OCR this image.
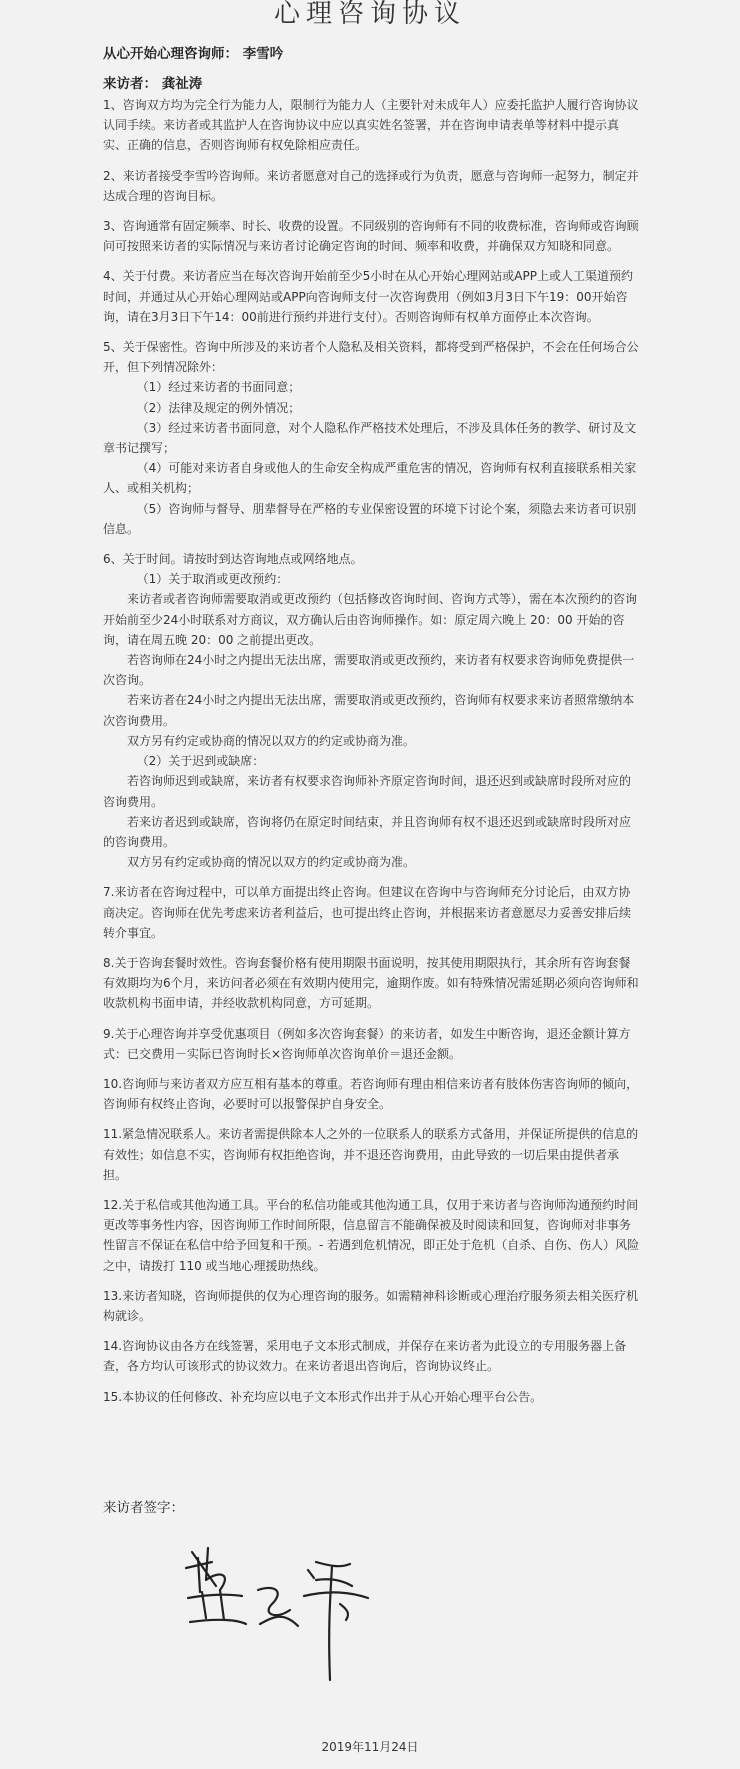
心理咨询协议
从心开始心理咨询师： 李雪吟
来访者： 龚祉涛

1、咨询双方均为完全行为能力人，限制行为能力人（主要针对未成年人）应委托监护人履行咨询协议认同手续。来访者或其监护人在咨询协议中应以真实姓名签署，并在咨询申请表单等材料中提示真实、正确的信息，否则咨询师有权免除相应责任。

2、来访者接受李雪吟咨询师。来访者愿意对自己的选择或行为负责，愿意与咨询师一起努力，制定并达成合理的咨询目标。

3、咨询通常有固定频率、时长、收费的设置。不同级别的咨询师有不同的收费标准，咨询师或咨询顾问可按照来访者的实际情况与来访者讨论确定咨询的时间、频率和收费，并确保双方知晓和同意。

4、关于付费。来访者应当在每次咨询开始前至少5小时在从心开始心理网站或APP上或人工渠道预约时间，并通过从心开始心理网站或APP向咨询师支付一次咨询费用（例如3月3日下午19：00开始咨询，请在3月3日下午14：00前进行预约并进行支付）。否则咨询师有权单方面停止本次咨询。

5、关于保密性。咨询中所涉及的来访者个人隐私及相关资料，都将受到严格保护，不会在任何场合公开，但下列情况除外：

（1）经过来访者的书面同意；

（2）法律及规定的例外情况；

（3）经过来访者书面同意，对个人隐私作严格技术处理后，不涉及具体任务的教学、研讨及文章书记撰写；

（4）可能对来访者自身或他人的生命安全构成严重危害的情况，咨询师有权利直接联系相关家人、或相关机构；

（5）咨询师与督导、朋辈督导在严格的专业保密设置的环境下讨论个案，须隐去来访者可识别信息。

6、关于时间。请按时到达咨询地点或网络地点。

（1）关于取消或更改预约：

来访者或者咨询师需要取消或更改预约（包括修改咨询时间、咨询方式等），需在本次预约的咨询开始前至少24小时联系对方商议，双方确认后由咨询师操作。如：原定周六晚上 20：00 开始的咨询，请在周五晚 20：00 之前提出更改。

若咨询师在24小时之内提出无法出席，需要取消或更改预约，来访者有权要求咨询师免费提供一次咨询。

若来访者在24小时之内提出无法出席，需要取消或更改预约，咨询师有权要求来访者照常缴纳本次咨询费用。

双方另有约定或协商的情况以双方的约定或协商为准。

（2）关于迟到或缺席：

若咨询师迟到或缺席，来访者有权要求咨询师补齐原定咨询时间，退还迟到或缺席时段所对应的咨询费用。

若来访者迟到或缺席，咨询将仍在原定时间结束，并且咨询师有权不退还迟到或缺席时段所对应的咨询费用。

双方另有约定或协商的情况以双方的约定或协商为准。

7.来访者在咨询过程中，可以单方面提出终止咨询。但建议在咨询中与咨询师充分讨论后，由双方协商决定。咨询师在优先考虑来访者利益后，也可提出终止咨询，并根据来访者意愿尽力妥善安排后续转介事宜。

8.关于咨询套餐时效性。咨询套餐价格有使用期限书面说明，按其使用期限执行，其余所有咨询套餐有效期均为6个月，来访问者必须在有效期内使用完，逾期作废。如有特殊情况需延期必须向咨询师和收款机构书面申请，并经收款机构同意，方可延期。

9.关于心理咨询并享受优惠项目（例如多次咨询套餐）的来访者，如发生中断咨询，退还金额计算方式：已交费用－实际已咨询时长×咨询师单次咨询单价＝退还金额。

10.咨询师与来访者双方应互相有基本的尊重。若咨询师有理由相信来访者有肢体伤害咨询师的倾向，咨询师有权终止咨询，必要时可以报警保护自身安全。

11.紧急情况联系人。来访者需提供除本人之外的一位联系人的联系方式备用，并保证所提供的信息的有效性；如信息不实，咨询师有权拒绝咨询，并不退还咨询费用，由此导致的一切后果由提供者承担。

12.关于私信或其他沟通工具。平台的私信功能或其他沟通工具，仅用于来访者与咨询师沟通预约时间更改等事务性内容，因咨询师工作时间所限，信息留言不能确保被及时阅读和回复，咨询师对非事务性留言不保证在私信中给予回复和干预。- 若遇到危机情况，即正处于危机（自杀、自伤、伤人）风险之中，请拨打 110 或当地心理援助热线。

13.来访者知晓，咨询师提供的仅为心理咨询的服务。如需精神科诊断或心理治疗服务须去相关医疗机构就诊。

14.咨询协议由各方在线签署，采用电子文本形式制成，并保存在来访者为此设立的专用服务器上备查，各方均认可该形式的协议效力。在来访者退出咨询后，咨询协议终止。

15.本协议的任何修改、补充均应以电子文本形式作出并于从心开始心理平台公告。

来访者签字：
2019年11月24日
